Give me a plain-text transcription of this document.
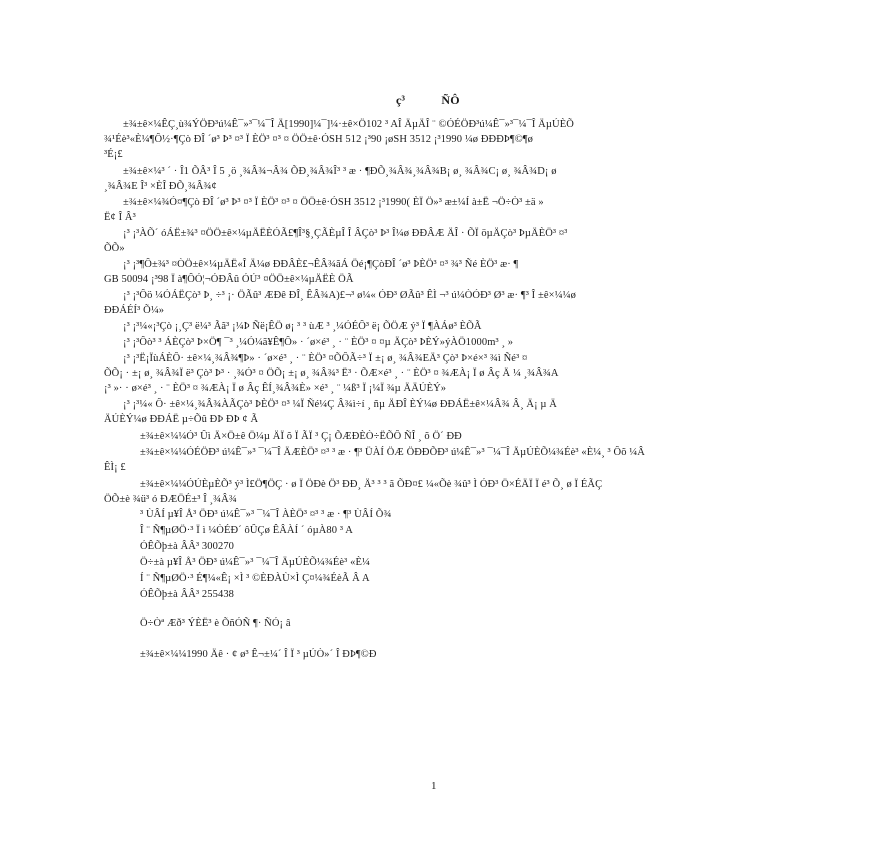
ç³　　　ÑÔ
±¾±ê×¼ÊÇ¸ù¾ÝÖÐ³ú¼Ê¯»³¯¼¯Î Ä[1990]¼¯]¼·±ê×Ö102 ³ AÎ ÄµÄÎ ¨ ©ÓÉÖÐ³ú¼Ê¯»³¯¼¯Î ÄµÚÈÕ
¾¹Éè³«È¼¶Ô½·¶Çò ÐÎ ´ø³ Þ³ ¤³ Ï ÈÖ³ ¤³ ¤ ÖÖ±ê·ÓSH 512 ¡³90 ¡øSH 3512 ¡³1990 ¼ø ÐÐÐÞ¶©¶ø
³É¡£
±¾±ê×¼³ ´ · Î1 ÕÂ³ Î 5 ¸ö ¸¾Â¾¬Â¾ ÕÐ¸¾Â¾Î³ ³ æ · ¶ÐÕ¸¾Â¾¸¾Â¾B¡ ø¸ ¾Â¾C¡ ø¸ ¾Â¾D¡ ø
¸¾Â¾E Î³ ×ÈÎ ÐÕ¸¾Â¾¢
±¾±ê×¼¾Ó¤¶Çò ÐÎ ´ø³ Þ³ ¤³ Ï ÈÖ³ ¤³ ¤ ÖÖ±ê·ÓSH 3512 ¡³1990( ÈÏ Ö»³ æ±¼Í à±Ë ¬Ö÷Ò³ ±ä »
Ë¢ Î Â³
¡³ ¡³ÀÕ´ óÁË±¾³ ¤ÖÖ±ê×¼µÄËÈÓÃ£¶Î³§¸ÇÃÈµÎ Î ÂÇò³ Þ³ Î¼ø ÐÐÂÆ ÄÎ · ÕÏ öµÄÇò³ ÞµÄÈÖ³ ¤³
ÕÕ»
¡³ ¡³¶Ô±¾³ ¤ÒÖ±ê×¼µÄË«Î Ä¼ø ÐÐÂÈ£¬ÊÂ¾ãÁ Öé¡¶ÇòÐÎ ´ø³ ÞÈÖ³ ¤³ ¾³ Ñé ÈÖ³ æ· ¶
GB 50094 ¡³98 Ï à¶ÔÓ¦¬ÓÐÂû ÓÚ³ ¤ÖÖ±ê×¼µÄËÈ ÖÃ
¡³ ¡³Ôö ¼ÓÁËÇò³ Þ¸ ÷³ ¡· ÖÃû³ ÆÐê ÐÎ¸ ÊÂ¾A)£¬³ ø¼« ÓÐ³ ØÃû³ ÊÌ ¬³ ú¼ÒÓÐ³ Ø³ æ· ¶³ Î ±ê×¼¼ø
ÐÐÁÉÍ³ Õ¼»
¡³ ¡³¼«¡³Çò ¡¸Ç³ ë¼³ Ãã³ ¡¼Þ Ñë¡ÊÖ ø¡ ³ ³ ùÆ ³ ¸¼ÓÉÔ³ ë¡ ÕÖÆ ý³ Ï ¶ÀÁø³ ÈÕÃ
¡³ ¡³Ôò³ ³ ÁÈÇò³ Þ×Ö¶ ¯³ ¸¼Ó¼ã¥Ê¶Ô» · ´ø×é³ ¸ · ¨ ÈÖ³ ¤ ¤µ ÄÇò³ ÞÈÝ»ýÀÖ1000m³ ¸ »
¡³ ¡³Ë¡ÏùÁÈÔ· ±ê×¼¸¾Â¾¶Þ» · ´ø×é³ ¸ · ¨ ÈÖ³ ¤ÕÔÃ÷³ Ï ±¡ ø¸ ¾Â¾EÄ³ Çò³ Þ×é×³ ¾ì Ñé³ ¤
ÕÕ¡ · ±¡ ø¸ ¾Â¾Ï ë³ Çò³ Þ³ · ¸¾Ó³ ¤ ÖÕ¡ ±¡ ø¸ ¾Â¾³ Ë³ · ÕÆ×é³ ¸ · ¨ ÈÖ³ ¤ ¾ÆÀ¡ Ï ø Âç Ä ¼ ¸¾Â¾A
¡³ »· · ø×é³ ¸ · ¨ ÈÖ³ ¤ ¾ÆÀ¡ Ï ø Âç ÊÍ¸¾Â¾È» ×é³ ¸ ¨ ¼ß³ Ï ¡¼Ï ¾µ ÄÄÚÈÝ»
¡³ ¡³¼« Ô· ±ê×¼¸¾Â¾ÀÃÇò³ ÞÈÖ³ ¤³ ¼Ï Ñé¼Ç Â¾ì÷í ¸ ñµ ÄÐÎ ÈÝ¼ø ÐÐÁË±ê×¼Â¾ Â¸ Ä¡ µ Ä
ÄÚÈÝ¼ø ÐÐÁË µ÷Õû ÐÞ ÐÞ ¢ Ã
±¾±ê×¼¼Ó³ Ûì Ä×Ö±ê Ö¼µ ÄÏ õ Ï ÃÏ ³ Ç¡ ÕÆÐÈÒ÷ËÕÔ ÑÎ ¸ õ Ö´ ÐÐ
±¾±ê×¼¼ÓÉÖÐ³ ú¼Ê¯»³ ¯¼¯Î ÄÆÈÖ³ ¤³ ³ æ · ¶³ ÜÀÍ ÖÆ ÖÐÐÕÐ³ ú¼Ê¯»³ ¯¼¯Î ÄµÚÈÕ¼¾Éè³ «È¼¸ ³ Ôõ ¼Â
ÊÌ¡ £
±¾±ê×¼¼ÓÚÈµÈÕ³ ý³ Ì£Ö¶ÖÇ · ø Ï ÖÐè Ö³ ÐÐ¸ Ä³ ³ ³ ã ÕÐ¤£ ¼«Õè ¾û³ Ì ÓÐ³ Ö×ÉÄÏ Ï é³ Õ¸ ø Ï ÉÃÇ
ÖÕ±è ¾ü³ ó ÐÆÖÉ±³ Î ¸¾Â¾
³ ÙÂÍ µ¥Î Å³ ÖÐ³ ú¼Ê¯»³ ¯¼¯Î ÀÈÖ³ ¤³ ³ æ · ¶³ ÙÂÍ Õ¾
Î ¨ Ñ¶µØÖ·³ Ï ì ¼ÒÉÐ´ ôÛÇø ÊÂÀÍ ´ óµÀ80 ³ A
ÓÊÕþ±à ÂÂ³ 300270
Ö÷±à µ¥Î Å³ ÖÐ³ ú¼Ê¯»³ ¯¼¯Î ÄµÚÈÕ¼¾Éè³ «È¼
Í ¨ Ñ¶µØÖ·³ É¶¼«Ê¡ ×Ì ³ ©ÈÐÀÙ×Ì Ç¤¼¾ÉèÃ Â A
ÓÊÕþ±à ÂÂ³ 255438
Ö÷Òª Æð³ ÝÈË³ è ÕñÓÑ ¶· ÑÓ¡ â
±¾±ê×¼¼1990 Äê · ¢ ø³ Ê¬±¼´ Î Ï ³ µÚÒ»´ Î ÐÞ¶©Ð
1
